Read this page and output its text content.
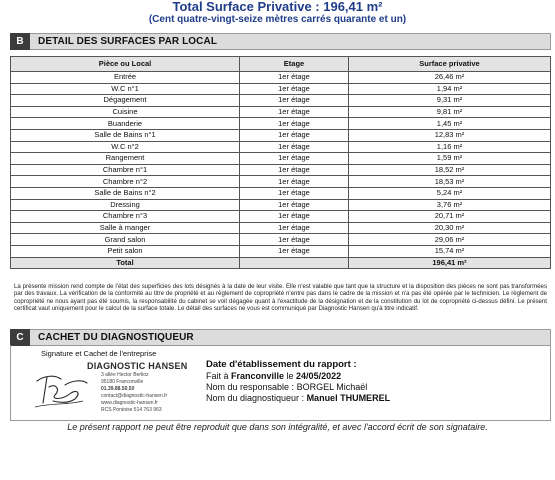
Total Surface Privative : 196,41 m²
(Cent quatre-vingt-seize mètres carrés quarante et un)
B	DETAIL DES SURFACES PAR LOCAL
Pièce ou Local	Etage	Surface privative
Entrée	1er étage	26,46 m²
W.C n°1	1er étage	1,94 m²
Dégagement	1er étage	9,31 m²
Cuisine	1er étage	9,81 m²
Buanderie	1er étage	1,45 m²
Salle de Bains n°1	1er étage	12,83 m²
W.C n°2	1er étage	1,16 m²
Rangement	1er étage	1,59 m²
Chambre n°1	1er étage	18,52 m²
Chambre n°2	1er étage	18,53 m²
Salle de Bains n°2	1er étage	5,24 m²
Dressing	1er étage	3,76 m²
Chambre n°3	1er étage	20,71 m²
Salle à manger	1er étage	20,30 m²
Grand salon	1er étage	29,06 m²
Petit salon	1er étage	15,74 m²
Total		196,41 m²
La présente mission rend compte de l'état des superficies des lots désignés à la date de leur visite. Elle n'est valable que tant que la structure et la disposition des pièces ne sont pas transformées par des travaux. La vérification de la conformité au titre de propriété et au règlement de copropriété n'entre pas dans le cadre de la mission et n'a pas été opérée par le technicien. Le règlement de copropriété ne nous ayant pas été soumis, la responsabilité du cabinet se voit dégagée quant à l'exactitude de la désignation et de la constitution du lot de copropriété ci-dessus défini. Le présent certificat vaut uniquement pour le calcul de la surface totale. Le détail des surfaces ne vous est communiqué par Diagnostic Hansen qu'à titre indicatif.
C	CACHET DU DIAGNOSTIQUEUR
Signature et Cachet de l'entreprise
DIAGNOSTIC HANSEN
3 allée Hector Berlioz
95180 Franconville
01.39.88.50.50
contact@diagnostic-hansen.fr
www.diagnostic-hansen.fr
RCS Pontoise 514 763 963
Date d'établissement du rapport :
Fait à Franconville le 24/05/2022
Nom du responsable : BORGEL Michaël
Nom du diagnostiqueur : Manuel THUMEREL
Le présent rapport ne peut être reproduit que dans son intégralité, et avec l'accord écrit de son signataire.
